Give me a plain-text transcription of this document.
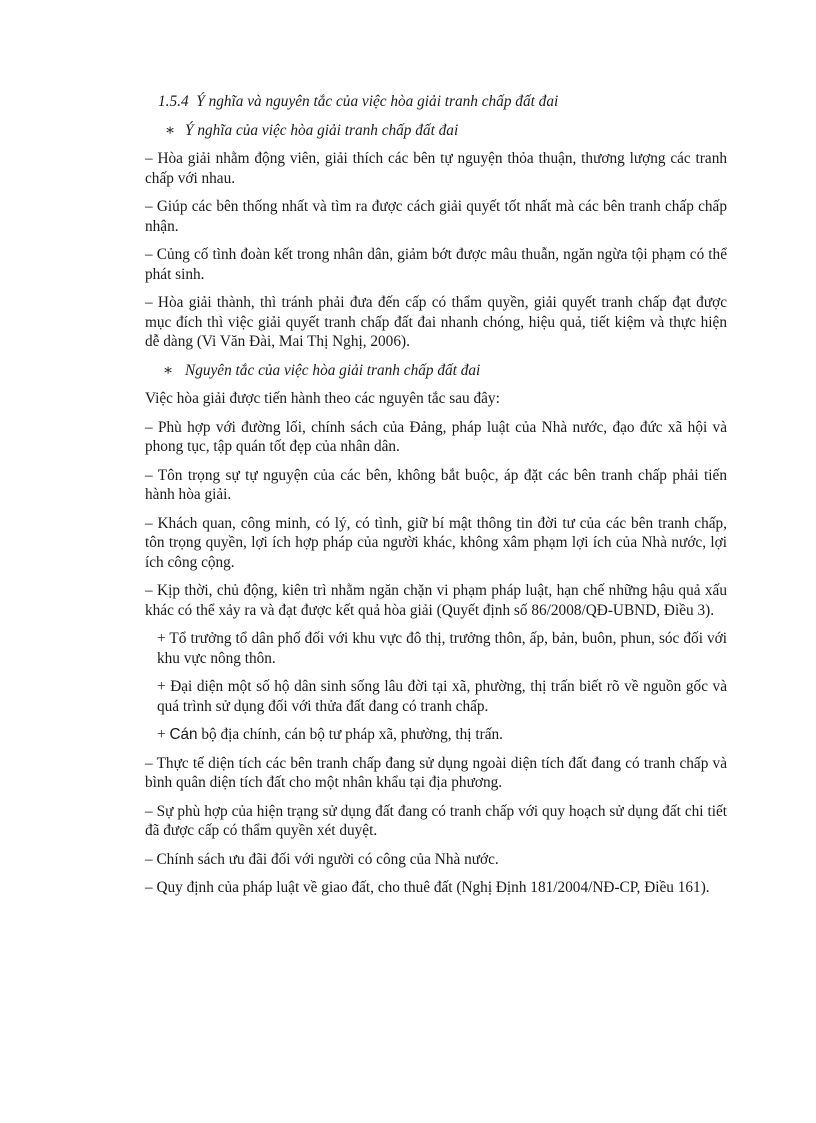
1.5.4 Ý nghĩa và nguyên tắc của việc hòa giải tranh chấp đất đai
∗ Ý nghĩa của việc hòa giải tranh chấp đất đai

– Hòa giải nhằm động viên, giải thích các bên tự nguyện thỏa thuận, thương lượng các tranh chấp với nhau.

– Giúp các bên thống nhất và tìm ra được cách giải quyết tốt nhất mà các bên tranh chấp chấp nhận.

– Củng cố tình đoàn kết trong nhân dân, giảm bớt được mâu thuẫn, ngăn ngừa tội phạm có thể phát sinh.

– Hòa giải thành, thì tránh phải đưa đến cấp có thẩm quyền, giải quyết tranh chấp đạt được mục đích thì việc giải quyết tranh chấp đất đai nhanh chóng, hiệu quả, tiết kiệm và thực hiện dễ dàng (Vi Văn Đài, Mai Thị Nghị, 2006).

∗ Nguyên tắc của việc hòa giải tranh chấp đất đai

Việc hòa giải được tiến hành theo các nguyên tắc sau đây:

– Phù hợp với đường lối, chính sách của Đảng, pháp luật của Nhà nước, đạo đức xã hội và phong tục, tập quán tốt đẹp của nhân dân.

– Tôn trọng sự tự nguyện của các bên, không bắt buộc, áp đặt các bên tranh chấp phải tiến hành hòa giải.

– Khách quan, công minh, có lý, có tình, giữ bí mật thông tin đời tư của các bên tranh chấp, tôn trọng quyền, lợi ích hợp pháp của người khác, không xâm phạm lợi ích của Nhà nước, lợi ích công cộng.

– Kịp thời, chủ động, kiên trì nhằm ngăn chặn vi phạm pháp luật, hạn chế những hậu quả xấu khác có thể xảy ra và đạt được kết quả hòa giải (Quyết định số 86/2008/QĐ-UBND, Điều 3).

+ Tổ trưởng tổ dân phố đối với khu vực đô thị, trưởng thôn, ấp, bản, buôn, phun, sóc đối với khu vực nông thôn.

+ Đại diện một số hộ dân sinh sống lâu đời tại xã, phường, thị trấn biết rõ về nguồn gốc và quá trình sử dụng đối với thửa đất đang có tranh chấp.

+ Cán bộ địa chính, cán bộ tư pháp xã, phường, thị trấn.

– Thực tế diện tích các bên tranh chấp đang sử dụng ngoài diện tích đất đang có tranh chấp và bình quân diện tích đất cho một nhân khẩu tại địa phương.

– Sự phù hợp của hiện trạng sử dụng đất đang có tranh chấp với quy hoạch sử dụng đất chi tiết đã được cấp có thẩm quyền xét duyệt.

– Chính sách ưu đãi đối với người có công của Nhà nước.

– Quy định của pháp luật về giao đất, cho thuê đất (Nghị Định 181/2004/NĐ-CP, Điều 161).
